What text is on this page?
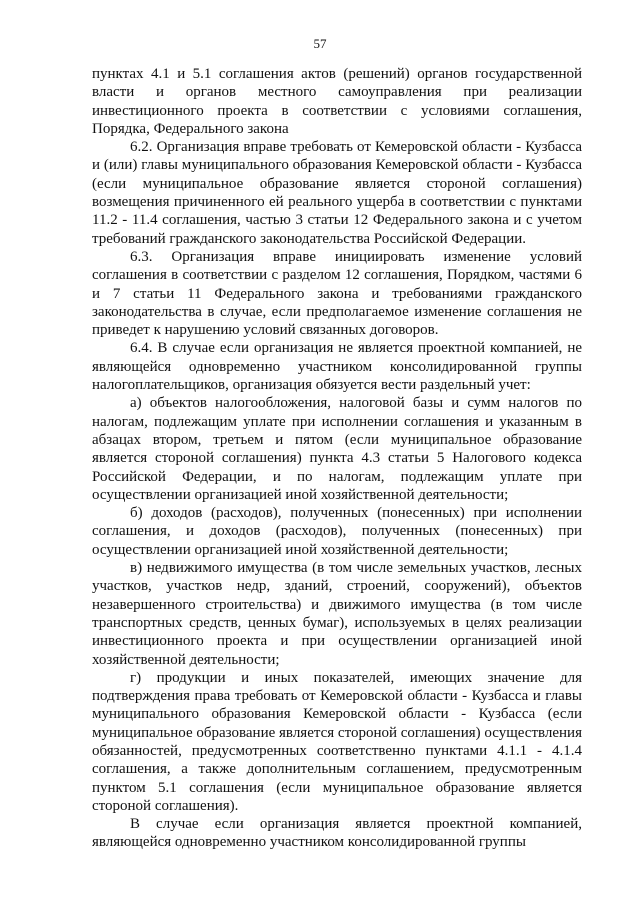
57

пунктах 4.1 и 5.1 соглашения актов (решений) органов государственной власти и органов местного самоуправления при реализации инвестиционного проекта в соответствии с условиями соглашения, Порядка, Федерального закона

6.2. Организация вправе требовать от Кемеровской области - Кузбасса и (или) главы муниципального образования Кемеровской области - Кузбасса (если муниципальное образование является стороной соглашения) возмещения причиненного ей реального ущерба в соответствии с пунктами 11.2 - 11.4 соглашения, частью 3 статьи 12 Федерального закона и с учетом требований гражданского законодательства Российской Федерации.

6.3. Организация вправе инициировать изменение условий соглашения в соответствии с разделом 12 соглашения, Порядком, частями 6 и 7 статьи 11 Федерального закона и требованиями гражданского законодательства в случае, если предполагаемое изменение соглашения не приведет к нарушению условий связанных договоров.

6.4. В случае если организация не является проектной компанией, не являющейся одновременно участником консолидированной группы налогоплательщиков, организация обязуется вести раздельный учет:

а) объектов налогообложения, налоговой базы и сумм налогов по налогам, подлежащим уплате при исполнении соглашения и указанным в абзацах втором, третьем и пятом (если муниципальное образование является стороной соглашения) пункта 4.3 статьи 5 Налогового кодекса Российской Федерации, и по налогам, подлежащим уплате при осуществлении организацией иной хозяйственной деятельности;

б) доходов (расходов), полученных (понесенных) при исполнении соглашения, и доходов (расходов), полученных (понесенных) при осуществлении организацией иной хозяйственной деятельности;

в) недвижимого имущества (в том числе земельных участков, лесных участков, участков недр, зданий, строений, сооружений), объектов незавершенного строительства) и движимого имущества (в том числе транспортных средств, ценных бумаг), используемых в целях реализации инвестиционного проекта и при осуществлении организацией иной хозяйственной деятельности;

г) продукции и иных показателей, имеющих значение для подтверждения права требовать от Кемеровской области - Кузбасса и главы муниципального образования Кемеровской области - Кузбасса (если муниципальное образование является стороной соглашения) осуществления обязанностей, предусмотренных соответственно пунктами 4.1.1 - 4.1.4 соглашения, а также дополнительным соглашением, предусмотренным пунктом 5.1 соглашения (если муниципальное образование является стороной соглашения).

В случае если организация является проектной компанией, являющейся одновременно участником консолидированной группы
